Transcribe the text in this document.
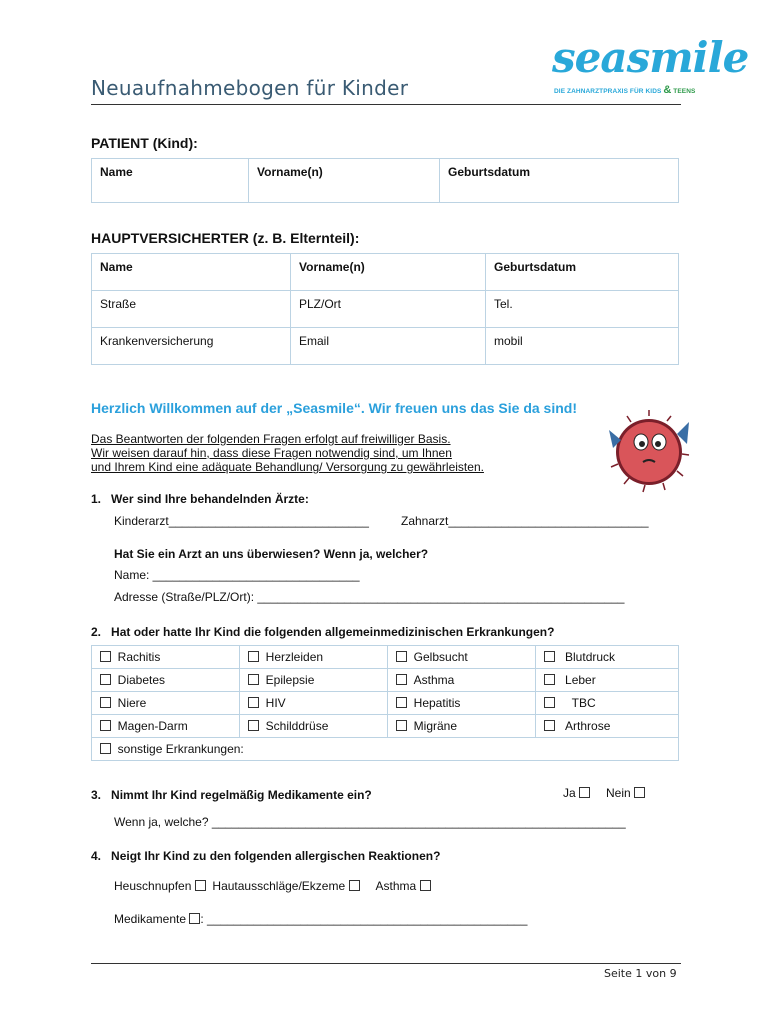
Neuaufnahmebogen für Kinder
seasmile
DIE ZAHNARZTPRAXIS FÜR KIDS & TEENS
PATIENT (Kind):
Name	Vorname(n)	Geburtsdatum
HAUPTVERSICHERTER (z. B. Elternteil):
Name	Vorname(n)	Geburtsdatum
Straße	PLZ/Ort	Tel.
Krankenversicherung	Email	mobil
Herzlich Willkommen auf der „Seasmile“. Wir freuen uns das Sie da sind!
Das Beantworten der folgenden Fragen erfolgt auf freiwilliger Basis.
Wir weisen darauf hin, dass diese Fragen notwendig sind, um Ihnen
und Ihrem Kind eine adäquate Behandlung/ Versorgung zu gewährleisten.
1. Wer sind Ihre behandelnden Ärzte:
Kinderarzt______________________________	Zahnarzt______________________________
Hat Sie ein Arzt an uns überwiesen? Wenn ja, welcher?
Name: _______________________________
Adresse (Straße/PLZ/Ort): _______________________________________________________
2. Hat oder hatte Ihr Kind die folgenden allgemeinmedizinischen Erkrankungen?
Rachitis	Herzleiden	Gelbsucht	Blutdruck
Diabetes	Epilepsie	Asthma	Leber
Niere	HIV	Hepatitis	TBC
Magen-Darm	Schilddrüse	Migräne	Arthrose
sonstige Erkrankungen:			
3. Nimmt Ihr Kind regelmäßig Medikamente ein?	Ja	Nein
Wenn ja, welche? ______________________________________________________________
4. Neigt Ihr Kind zu den folgenden allergischen Reaktionen?
Heuschnupfen Hautausschläge/Ekzeme	Asthma
Medikamente : ________________________________________________
Seite 1 von 9
